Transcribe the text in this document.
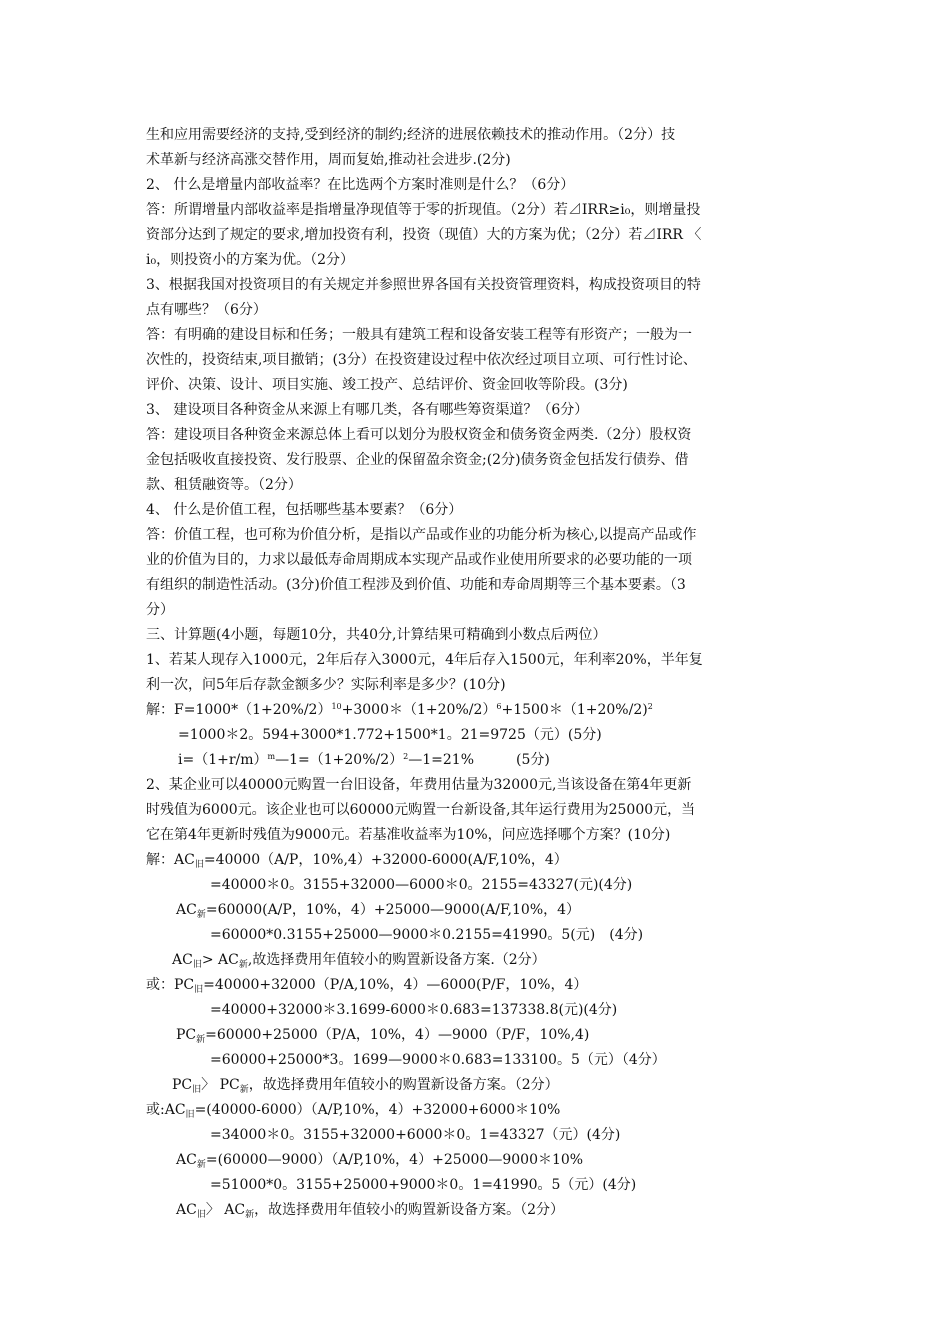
生和应用需要经济的支持,受到经济的制约;经济的进展依赖技术的推动作用。（2分）技
术革新与经济高涨交替作用，周而复始,推动社会进步.(2分)
2、 什么是增量内部收益率？在比选两个方案时准则是什么？（6分）
答：所谓增量内部收益率是指增量净现值等于零的折现值。（2分）若⊿IRR≥i₀，则增量投
资部分达到了规定的要求,增加投资有利，投资（现值）大的方案为优；（2分）若⊿IRR 〈
i₀，则投资小的方案为优。（2分）
3、根据我国对投资项目的有关规定并参照世界各国有关投资管理资料，构成投资项目的特
点有哪些？（6分）
答：有明确的建设目标和任务；一般具有建筑工程和设备安装工程等有形资产；一般为一
次性的，投资结束,项目撤销；(3分）在投资建设过程中依次经过项目立项、可行性讨论、
评价、决策、设计、项目实施、竣工投产、总结评价、资金回收等阶段。(3分)
3、 建设项目各种资金从来源上有哪几类，各有哪些筹资渠道？（6分）
答：建设项目各种资金来源总体上看可以划分为股权资金和债务资金两类.（2分）股权资
金包括吸收直接投资、发行股票、企业的保留盈余资金;(2分)债务资金包括发行债券、借
款、租赁融资等。（2分）
4、 什么是价值工程，包括哪些基本要素？（6分）
答：价值工程，也可称为价值分析，是指以产品或作业的功能分析为核心,以提高产品或作
业的价值为目的，力求以最低寿命周期成本实现产品或作业使用所要求的必要功能的一项
有组织的制造性活动。(3分)价值工程涉及到价值、功能和寿命周期等三个基本要素。（3
分）
三、计算题(4小题，每题10分，共40分,计算结果可精确到小数点后两位）
1、若某人现存入1000元，2年后存入3000元，4年后存入1500元，年利率20%，半年复
利一次，问5年后存款金额多少？实际利率是多少？(10分)
解：$F=1000*(1+20\%/2)^{10}+3000*(1+20\%/2)^6+1500*(1+20\%/2)^2$
=1000＊2。594+3000*1.772+1500*1。21=9725（元）(5分)
$i=(1+r/m)^m—1=(1+20\%/2)^2—1=21\%$　　　(5分)
2、某企业可以40000元购置一台旧设备，年费用估量为32000元,当该设备在第4年更新
时残值为6000元。该企业也可以60000元购置一台新设备,其年运行费用为25000元，当
它在第4年更新时残值为9000元。若基准收益率为10%，问应选择哪个方案？(10分)
解：$AC_旧=40000(A/P$，10%,4）+32000-6000(A/F,10%，4）
=40000＊0。3155+32000—6000＊0。2155=43327(元)(4分)
$AC_新=60000(A/P$，10%，4）+25000—9000(A/F,10%，4）
=60000*0.3155+25000—9000＊0.2155=41990。5(元)　(4分)
$AC_旧> AC_新$,故选择费用年值较小的购置新设备方案.（2分）
或：$PC_旧=40000+32000(P/A,10\%$，4）—6000(P/F，10%，4）
=40000+32000＊3.1699-6000＊0.683=137338.8(元)(4分)
$PC_新=60000+25000(P/A$，10%，4）—9000（P/F，10%,4)
=60000+25000*3。1699—9000＊0.683=133100。5（元）（4分）
$PC_旧$〉 $PC_新$，故选择费用年值较小的购置新设备方案。（2分）
或$:AC_旧=(40000-6000)(A/P,10\%$，4）+32000+6000＊10%
=34000＊0。3155+32000+6000＊0。1=43327（元）(4分)
$AC_新=(60000—9000)(A/P,10\%$，4）+25000—9000＊10%
=51000*0。3155+25000+9000＊0。1=41990。5（元）(4分)
$AC_旧$〉 $AC_新$，故选择费用年值较小的购置新设备方案。（2分）
